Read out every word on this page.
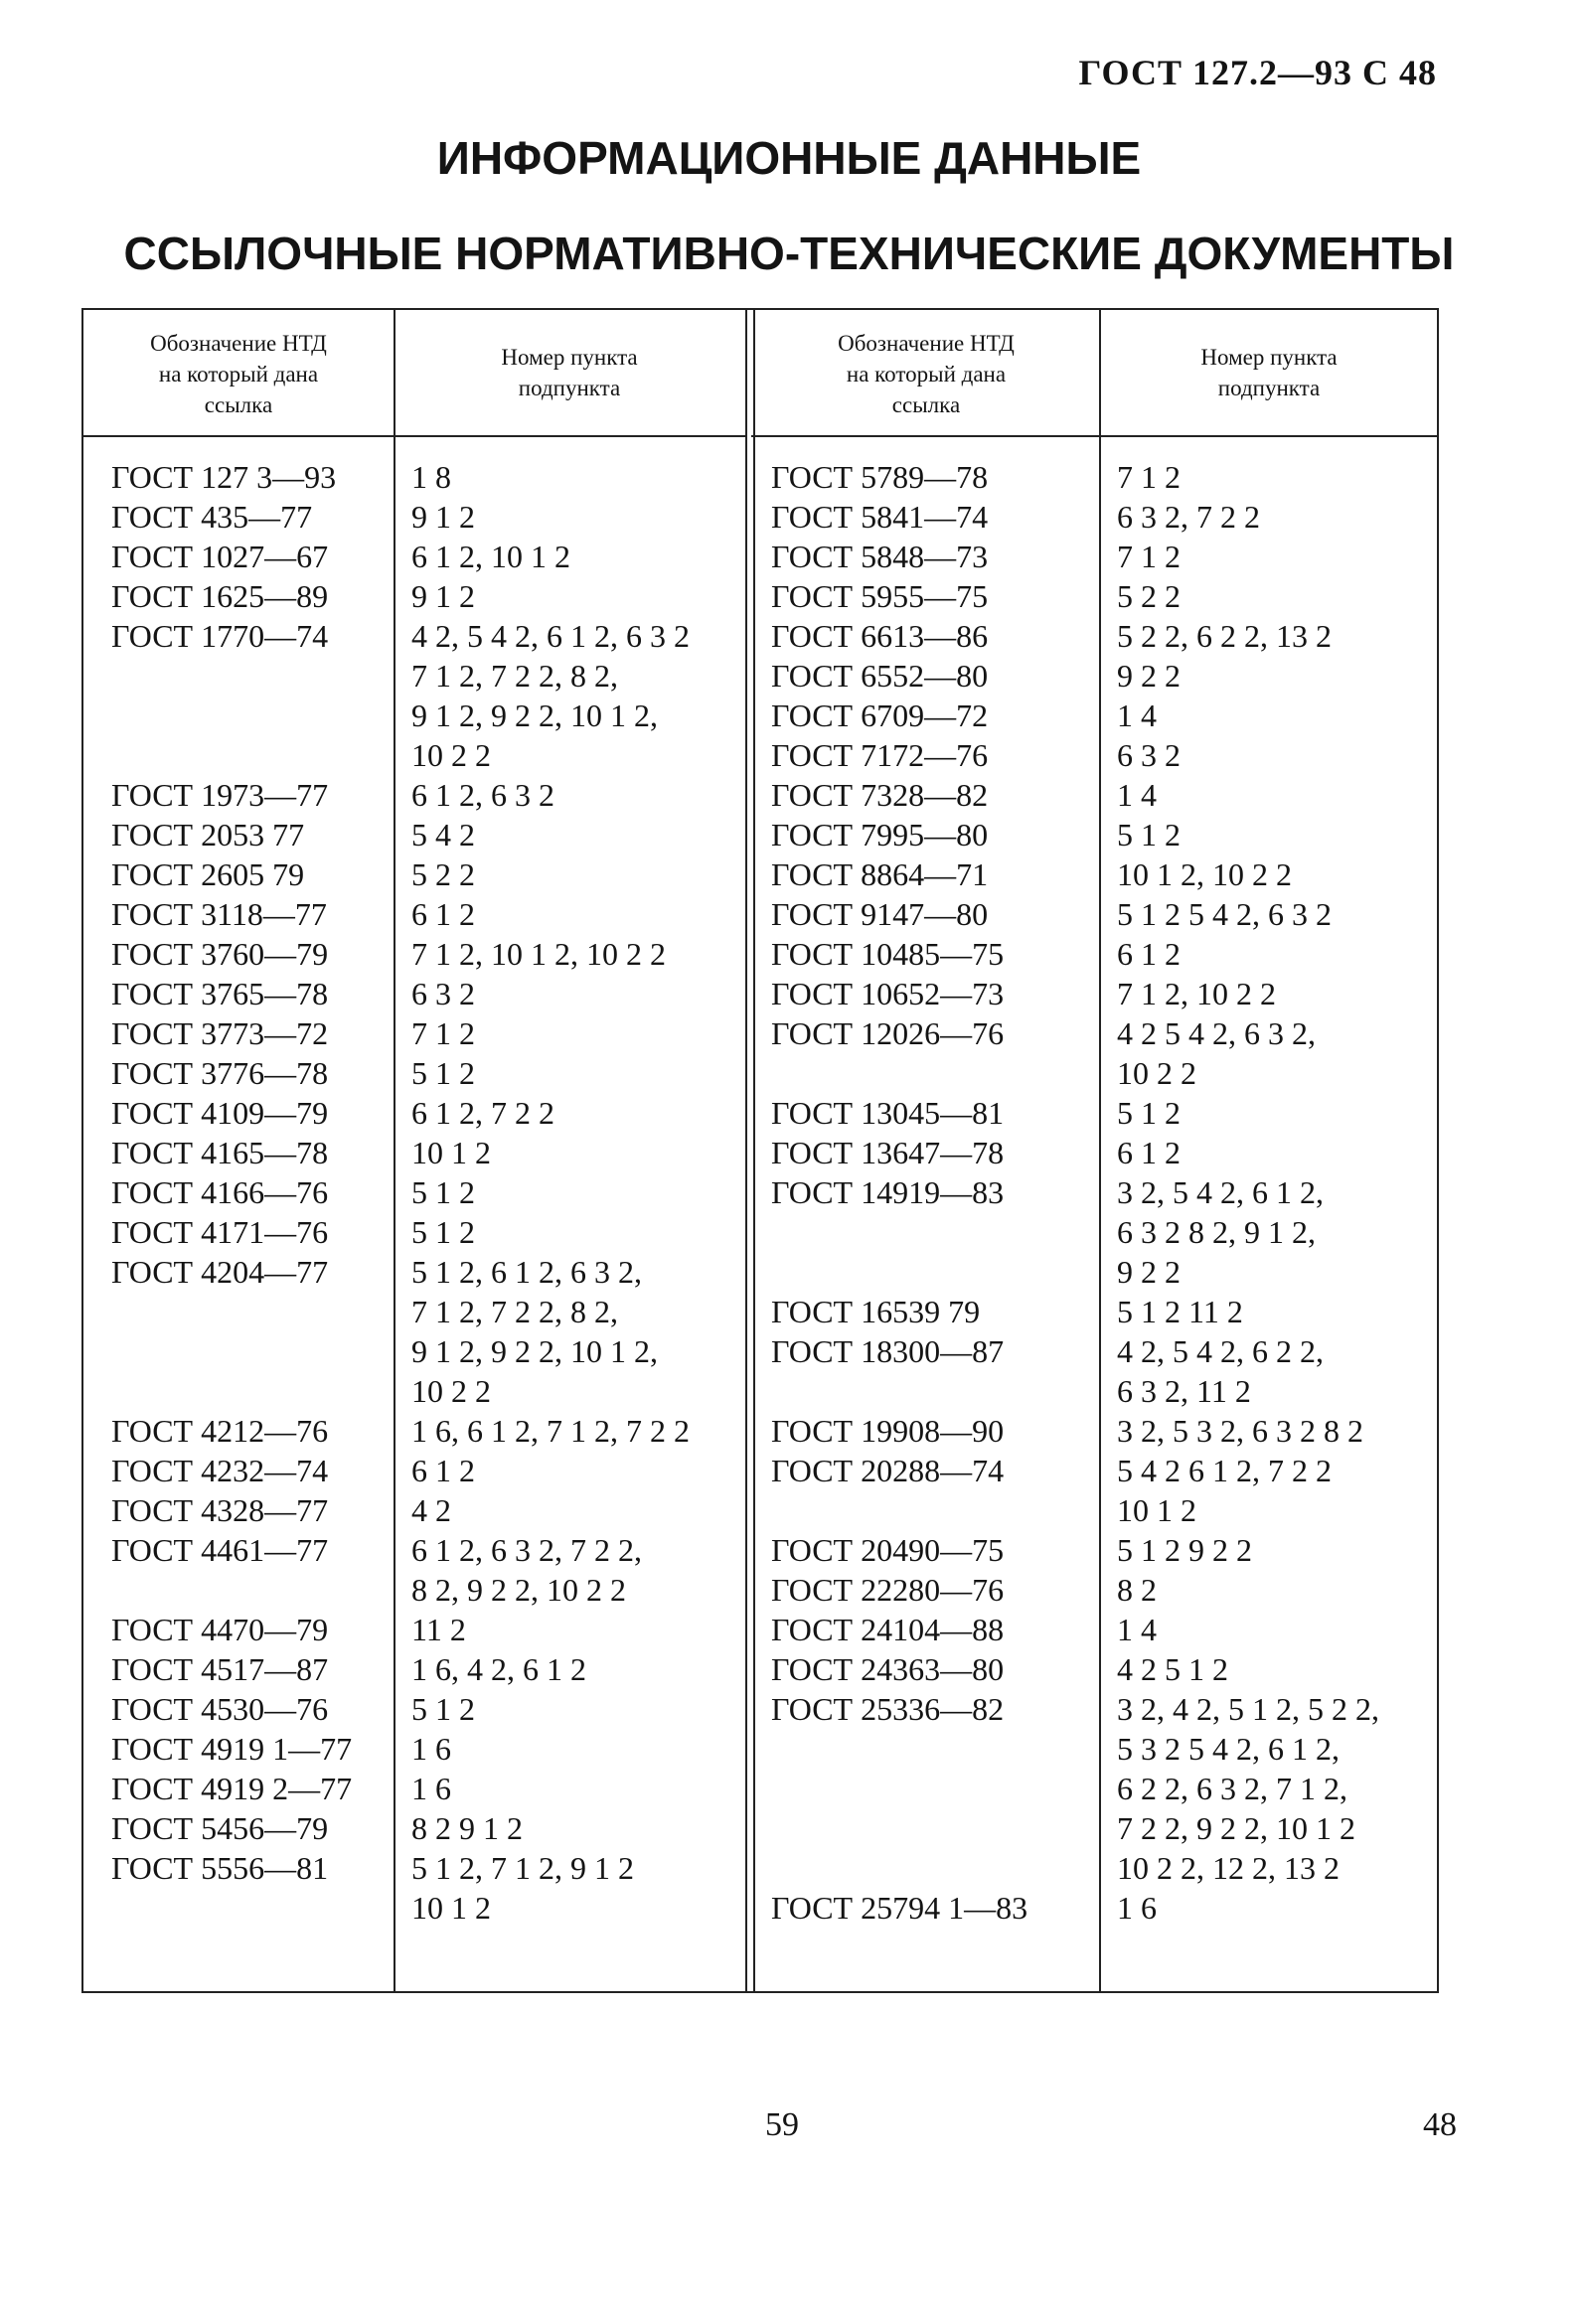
ГОСТ 127.2—93 С 48
ИНФОРМАЦИОННЫЕ ДАННЫЕ
ССЫЛОЧНЫЕ НОРМАТИВНО-ТЕХНИЧЕСКИЕ ДОКУМЕНТЫ
Обозначение НТД
на который дана
ссылка
Номер пункта
подпункта
Обозначение НТД
на который дана
ссылка
Номер пункта
подпункта
ГОСТ 127 3—93
ГОСТ 435—77
ГОСТ 1027—67
ГОСТ 1625—89
ГОСТ 1770—74

ГОСТ 1973—77
ГОСТ 2053 77
ГОСТ 2605 79
ГОСТ 3118—77
ГОСТ 3760—79
ГОСТ 3765—78
ГОСТ 3773—72
ГОСТ 3776—78
ГОСТ 4109—79
ГОСТ 4165—78
ГОСТ 4166—76
ГОСТ 4171—76
ГОСТ 4204—77

ГОСТ 4212—76
ГОСТ 4232—74
ГОСТ 4328—77
ГОСТ 4461—77

ГОСТ 4470—79
ГОСТ 4517—87
ГОСТ 4530—76
ГОСТ 4919 1—77
ГОСТ 4919 2—77
ГОСТ 5456—79
ГОСТ 5556—81

1 8
9 1 2
6 1 2, 10 1 2
9 1 2
4 2, 5 4 2, 6 1 2, 6 3 2
7 1 2, 7 2 2, 8 2,
9 1 2, 9 2 2, 10 1 2,
10 2 2
6 1 2, 6 3 2
5 4 2
5 2 2
6 1 2
7 1 2, 10 1 2, 10 2 2
6 3 2
7 1 2
5 1 2
6 1 2, 7 2 2
10 1 2
5 1 2
5 1 2
5 1 2, 6 1 2, 6 3 2,
7 1 2, 7 2 2, 8 2,
9 1 2, 9 2 2, 10 1 2,
10 2 2
1 6, 6 1 2, 7 1 2, 7 2 2
6 1 2
4 2
6 1 2, 6 3 2, 7 2 2,
8 2, 9 2 2, 10 2 2
11 2
1 6, 4 2, 6 1 2
5 1 2
1 6
1 6
8 2 9 1 2
5 1 2, 7 1 2, 9 1 2
10 1 2
ГОСТ 5789—78
ГОСТ 5841—74
ГОСТ 5848—73
ГОСТ 5955—75
ГОСТ 6613—86
ГОСТ 6552—80
ГОСТ 6709—72
ГОСТ 7172—76
ГОСТ 7328—82
ГОСТ 7995—80
ГОСТ 8864—71
ГОСТ 9147—80
ГОСТ 10485—75
ГОСТ 10652—73
ГОСТ 12026—76

ГОСТ 13045—81
ГОСТ 13647—78
ГОСТ 14919—83

ГОСТ 16539 79
ГОСТ 18300—87

ГОСТ 19908—90
ГОСТ 20288—74

ГОСТ 20490—75
ГОСТ 22280—76
ГОСТ 24104—88
ГОСТ 24363—80
ГОСТ 25336—82

ГОСТ 25794 1—83
7 1 2
6 3 2, 7 2 2
7 1 2
5 2 2
5 2 2, 6 2 2, 13 2
9 2 2
1 4
6 3 2
1 4
5 1 2
10 1 2, 10 2 2
5 1 2 5 4 2, 6 3 2
6 1 2
7 1 2, 10 2 2
4 2 5 4 2, 6 3 2,
10 2 2
5 1 2
6 1 2
3 2, 5 4 2, 6 1 2,
6 3 2 8 2, 9 1 2,
9 2 2
5 1 2 11 2
4 2, 5 4 2, 6 2 2,
6 3 2, 11 2
3 2, 5 3 2, 6 3 2 8 2
5 4 2 6 1 2, 7 2 2
10 1 2
5 1 2 9 2 2
8 2
1 4
4 2 5 1 2
3 2, 4 2, 5 1 2, 5 2 2,
5 3 2 5 4 2, 6 1 2,
6 2 2, 6 3 2, 7 1 2,
7 2 2, 9 2 2, 10 1 2
10 2 2, 12 2, 13 2
1 6
59	48
